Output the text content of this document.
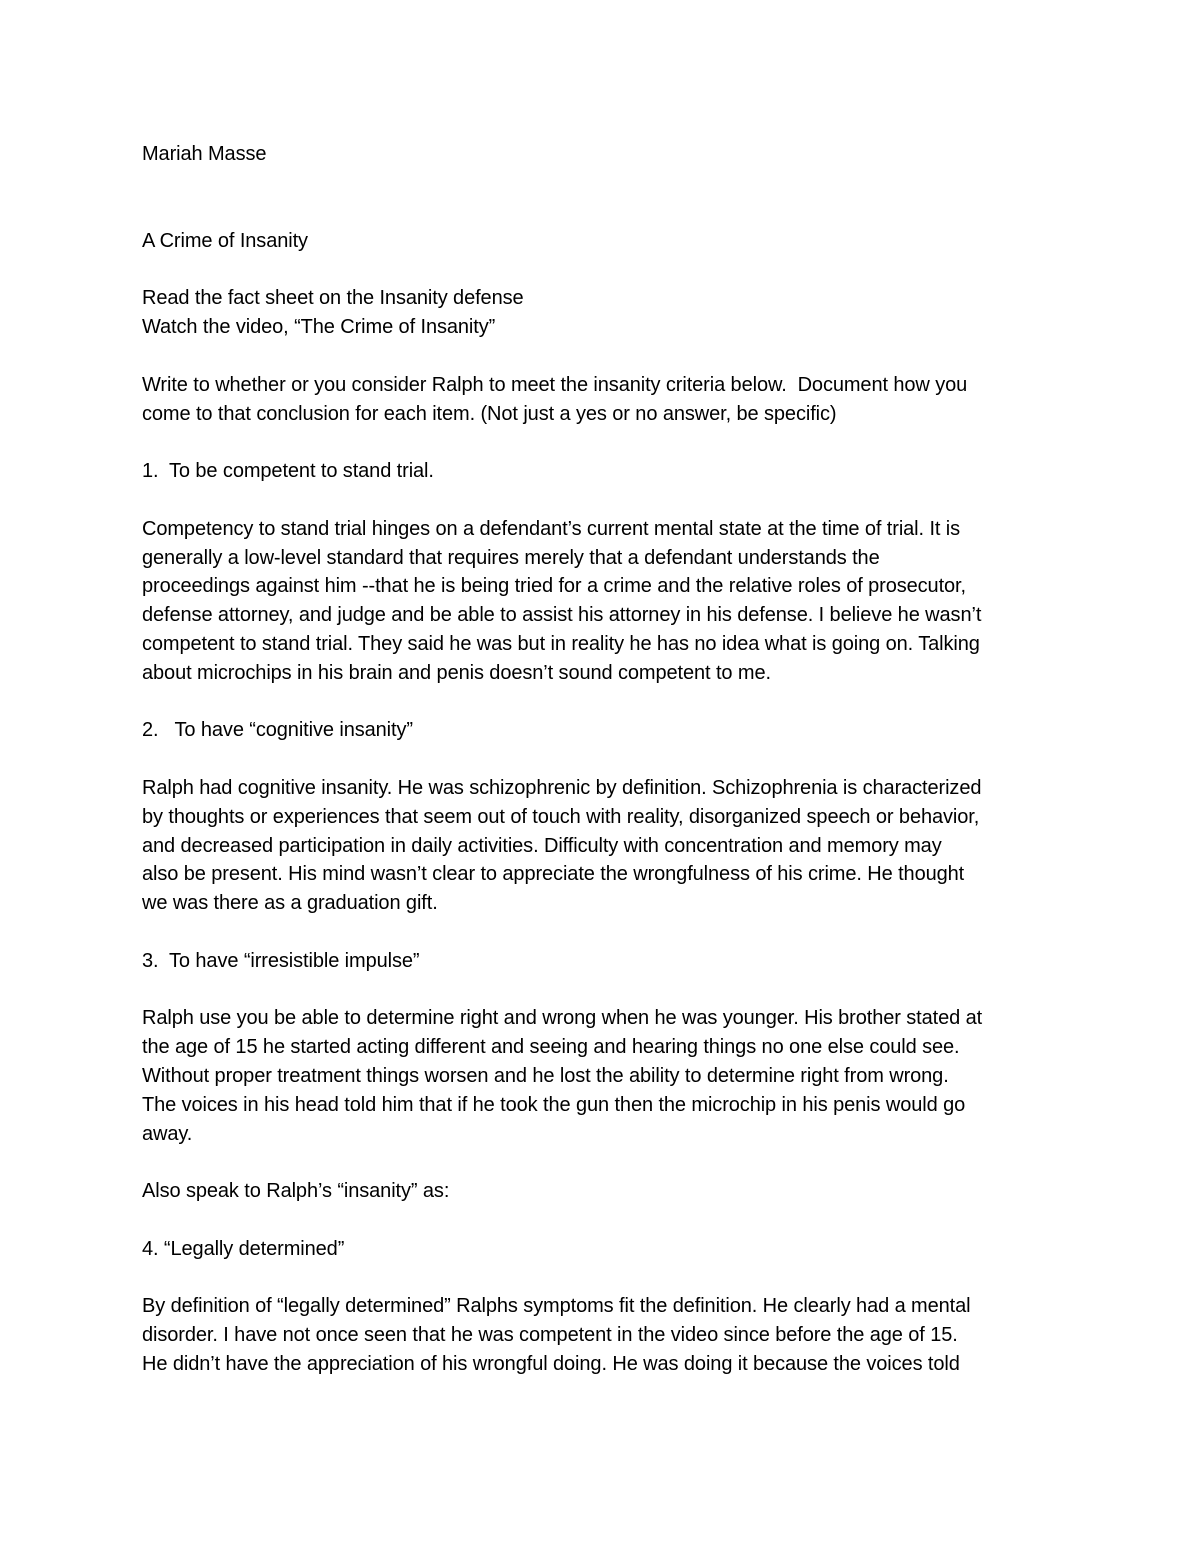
Mariah Masse

A Crime of Insanity

Read the fact sheet on the Insanity defense

Watch the video, “The Crime of Insanity”

Write to whether or you consider Ralph to meet the insanity criteria below.  Document how you

come to that conclusion for each item. (Not just a yes or no answer, be specific)

1.  To be competent to stand trial.

Competency to stand trial hinges on a defendant’s current mental state at the time of trial. It is

generally a low-level standard that requires merely that a defendant understands the

proceedings against him --that he is being tried for a crime and the relative roles of prosecutor,

defense attorney, and judge and be able to assist his attorney in his defense. I believe he wasn’t

competent to stand trial. They said he was but in reality he has no idea what is going on. Talking

about microchips in his brain and penis doesn’t sound competent to me.

2.   To have “cognitive insanity”

Ralph had cognitive insanity. He was schizophrenic by definition. Schizophrenia is characterized

by thoughts or experiences that seem out of touch with reality, disorganized speech or behavior,

and decreased participation in daily activities. Difficulty with concentration and memory may

also be present. His mind wasn’t clear to appreciate the wrongfulness of his crime. He thought

we was there as a graduation gift.

3.  To have “irresistible impulse”

Ralph use you be able to determine right and wrong when he was younger. His brother stated at

the age of 15 he started acting different and seeing and hearing things no one else could see.

Without proper treatment things worsen and he lost the ability to determine right from wrong.

The voices in his head told him that if he took the gun then the microchip in his penis would go

away.

Also speak to Ralph’s “insanity” as:

4. “Legally determined”

By definition of “legally determined” Ralphs symptoms fit the definition. He clearly had a mental

disorder. I have not once seen that he was competent in the video since before the age of 15.

He didn’t have the appreciation of his wrongful doing. He was doing it because the voices told
